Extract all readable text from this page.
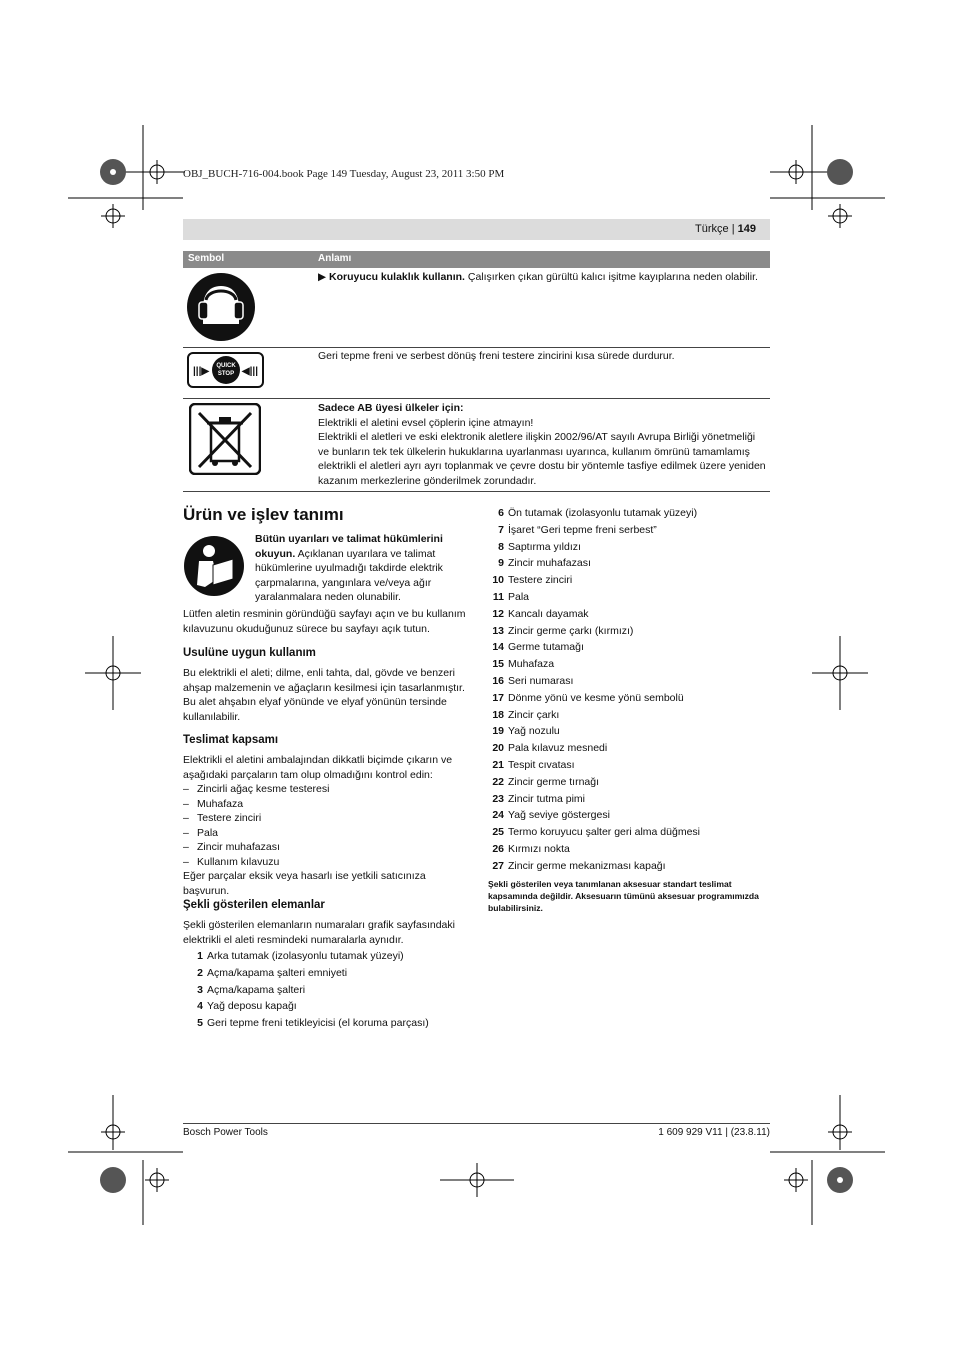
OBJ_BUCH-716-004.book Page 149 Tuesday, August 23, 2011 3:50 PM
Türkçe | 149
Sembol	Anlamı
▶ Koruyucu kulaklık kullanın. Çalışırken çıkan gürültü kalıcı işitme kayıplarına neden olabilir.
|||▶	◀|||
QUICK
STOP
Geri tepme freni ve serbest dönüş freni testere zincirini kısa sürede durdurur.
Sadece AB üyesi ülkeler için:
Elektrikli el aletini evsel çöplerin içine atmayın!
Elektrikli el aletleri ve eski elektronik aletlere ilişkin 2002/96/AT sayılı Avrupa Birliği yönetmeliği
ve bunların tek tek ülkelerin hukuklarına uyarlanması uyarınca, kullanım ömrünü tamamlamış
elektrikli el aletleri ayrı ayrı toplanmak ve çevre dostu bir yöntemle tasfiye edilmek üzere yeniden
kazanım merkezlerine gönderilmek zorundadır.
Ürün ve işlev tanımı
Bütün uyarıları ve talimat hükümlerini
okuyun. Açıklanan uyarılara ve talimat
hükümlerine uyulmadığı takdirde elektrik
çarpmalarına, yangınlara ve/veya ağır
yaralanmalara neden olunabilir.
Lütfen aletin resminin göründüğü sayfayı açın ve bu kullanım
kılavuzunu okuduğunuz sürece bu sayfayı açık tutun.
Usulüne uygun kullanım
Bu elektrikli el aleti; dilme, enli tahta, dal, gövde ve benzeri
ahşap malzemenin ve ağaçların kesilmesi için tasarlanmıştır.
Bu alet ahşabın elyaf yönünde ve elyaf yönünün tersinde
kullanılabilir.
Teslimat kapsamı
Elektrikli el aletini ambalajından dikkatli biçimde çıkarın ve
aşağıdaki parçaların tam olup olmadığını kontrol edin:
– Zincirli ağaç kesme testeresi
– Muhafaza
– Testere zinciri
– Pala
– Zincir muhafazası
– Kullanım kılavuzu
Eğer parçalar eksik veya hasarlı ise yetkili satıcınıza başvurun.
Şekli gösterilen elemanlar
Şekli gösterilen elemanların numaraları grafik sayfasındaki
elektrikli el aleti resmindeki numaralarla aynıdır.
1 Arka tutamak (izolasyonlu tutamak yüzeyi)
2 Açma/kapama şalteri emniyeti
3 Açma/kapama şalteri
4 Yağ deposu kapağı
5 Geri tepme freni tetikleyicisi (el koruma parçası)
6 Ön tutamak (izolasyonlu tutamak yüzeyi)
7 İşaret “Geri tepme freni serbest”
8 Saptırma yıldızı
9 Zincir muhafazası
10 Testere zinciri
11 Pala
12 Kancalı dayamak
13 Zincir germe çarkı (kırmızı)
14 Germe tutamağı
15 Muhafaza
16 Seri numarası
17 Dönme yönü ve kesme yönü sembolü
18 Zincir çarkı
19 Yağ nozulu
20 Pala kılavuz mesnedi
21 Tespit cıvatası
22 Zincir germe tırnağı
23 Zincir tutma pimi
24 Yağ seviye göstergesi
25 Termo koruyucu şalter geri alma düğmesi
26 Kırmızı nokta
27 Zincir germe mekanizması kapağı
Şekli gösterilen veya tanımlanan aksesuar standart teslimat
kapsamında değildir. Aksesuarın tümünü aksesuar programımızda
bulabilirsiniz.
Bosch Power Tools	1 609 929 V11 | (23.8.11)
